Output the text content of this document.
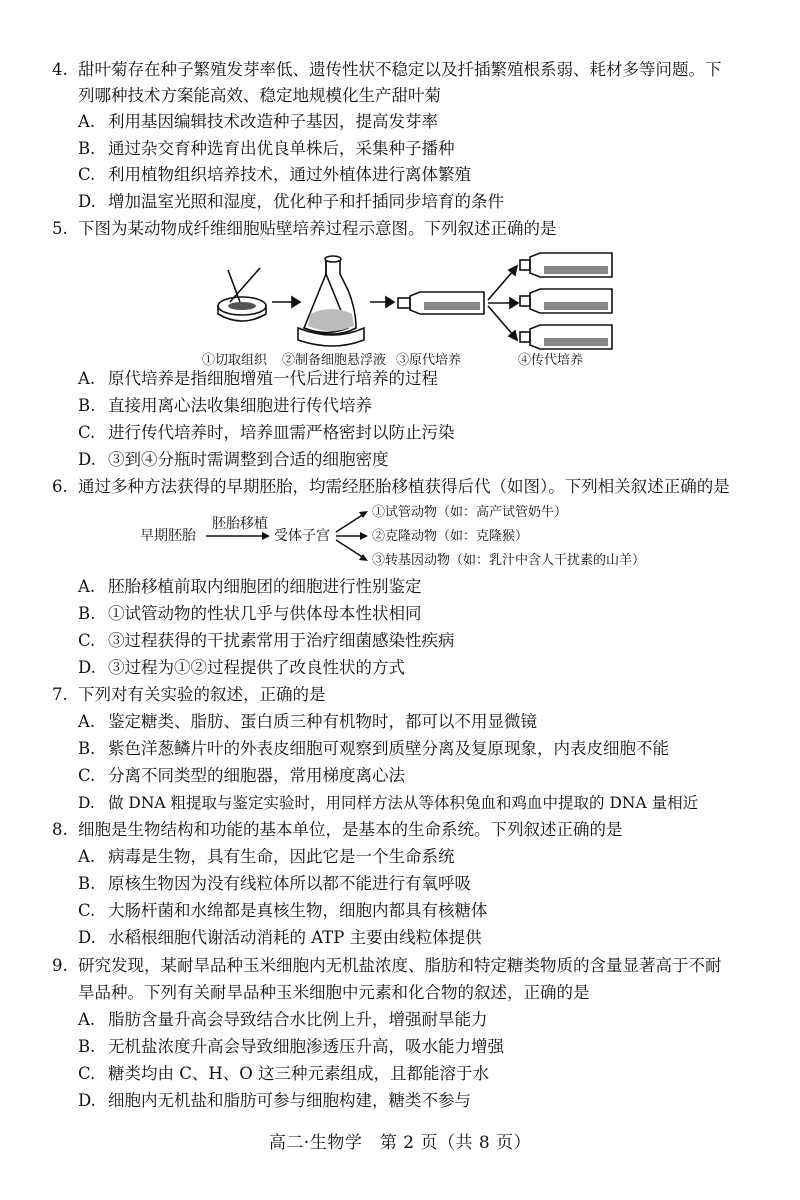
4. 甜叶菊存在种子繁殖发芽率低、遗传性状不稳定以及扦插繁殖根系弱、耗材多等问题。下
列哪种技术方案能高效、稳定地规模化生产甜叶菊
A. 利用基因编辑技术改造种子基因，提高发芽率
B. 通过杂交育种选育出优良单株后，采集种子播种
C. 利用植物组织培养技术，通过外植体进行离体繁殖
D. 增加温室光照和湿度，优化种子和扦插同步培育的条件
5. 下图为某动物成纤维细胞贴壁培养过程示意图。下列叙述正确的是
①切取组织 ②制备细胞悬浮液 ③原代培养	④传代培养
A. 原代培养是指细胞增殖一代后进行培养的过程
B. 直接用离心法收集细胞进行传代培养
C. 进行传代培养时，培养皿需严格密封以防止污染
D. ③到④分瓶时需调整到合适的细胞密度
6. 通过多种方法获得的早期胚胎，均需经胚胎移植获得后代（如图）。下列相关叙述正确的是
早期胚胎
胚胎移植
受体子宫
①试管动物（如：高产试管奶牛）
②克隆动物（如：克隆猴）
③转基因动物（如：乳汁中含人干扰素的山羊）
A. 胚胎移植前取内细胞团的细胞进行性别鉴定
B. ①试管动物的性状几乎与供体母本性状相同
C. ③过程获得的干扰素常用于治疗细菌感染性疾病
D. ③过程为①②过程提供了改良性状的方式
7. 下列对有关实验的叙述，正确的是
A. 鉴定糖类、脂肪、蛋白质三种有机物时，都可以不用显微镜
B. 紫色洋葱鳞片叶的外表皮细胞可观察到质壁分离及复原现象，内表皮细胞不能
C. 分离不同类型的细胞器，常用梯度离心法
D. 做 DNA 粗提取与鉴定实验时，用同样方法从等体积兔血和鸡血中提取的 DNA 量相近
8. 细胞是生物结构和功能的基本单位，是基本的生命系统。下列叙述正确的是
A. 病毒是生物，具有生命，因此它是一个生命系统
B. 原核生物因为没有线粒体所以都不能进行有氧呼吸
C. 大肠杆菌和水绵都是真核生物，细胞内都具有核糖体
D. 水稻根细胞代谢活动消耗的 ATP 主要由线粒体提供
9. 研究发现，某耐旱品种玉米细胞内无机盐浓度、脂肪和特定糖类物质的含量显著高于不耐
旱品种。下列有关耐旱品种玉米细胞中元素和化合物的叙述，正确的是
A. 脂肪含量升高会导致结合水比例上升，增强耐旱能力
B. 无机盐浓度升高会导致细胞渗透压升高，吸水能力增强
C. 糖类均由 C、H、O 这三种元素组成，且都能溶于水
D. 细胞内无机盐和脂肪可参与细胞构建，糖类不参与
高二·生物学　第 2 页（共 8 页）
